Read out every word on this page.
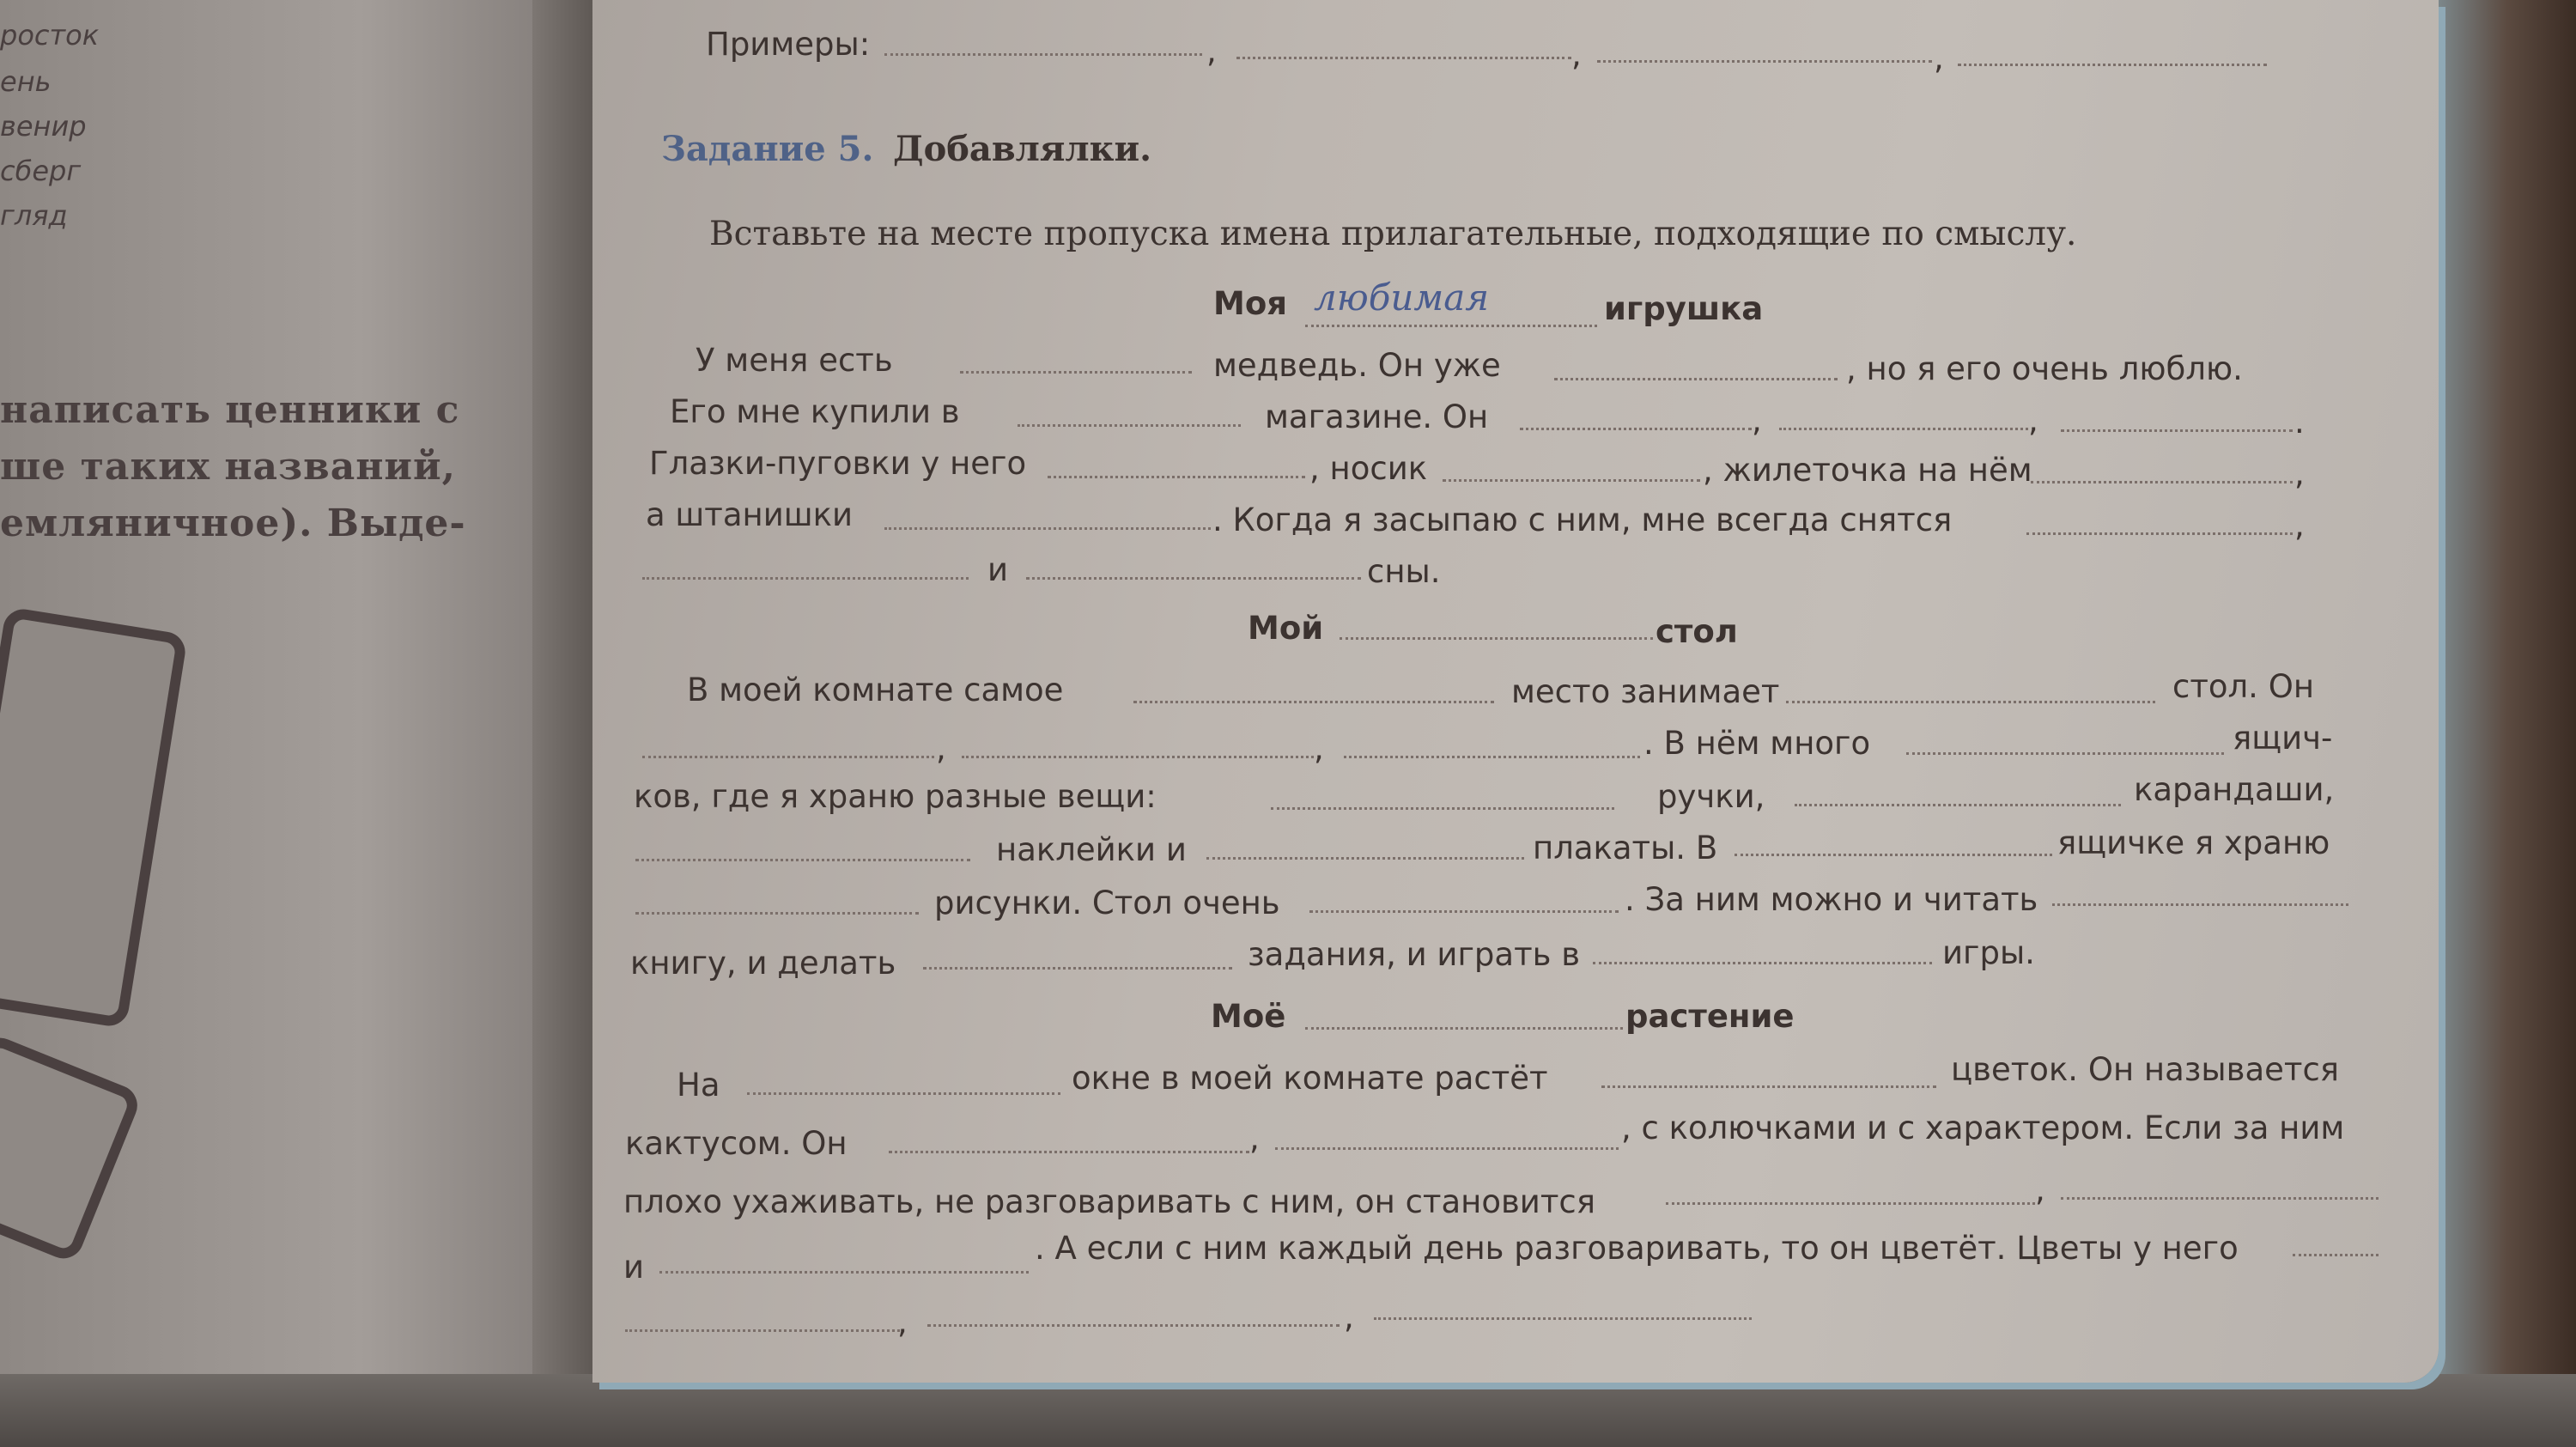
росток
ень
венир
сберг
гляд
написать ценники с
ше таких названий,
емляничное). Выде-
Примеры:	,	,	,
Задание 5. Добавлялки.
Вставьте на месте пропуска имена прилагательные, подходящие по смыслу.
Моя любимая	игрушка
У меня есть	медведь. Он уже	, но я его очень люблю.
Его мне купили в	магазине. Он	,	,	.
Глазки-пуговки у него	, носик	, жилеточка на нём	,
а штанишки	. Когда я засыпаю с ним, мне всегда снятся	,
и	сны.
Мой	стол
В моей комнате самое	место занимает	стол. Он
,	,	. В нём много	ящич-
ков, где я храню разные вещи:	ручки,	карандаши,
наклейки и	плакаты. В	ящичке я храню
рисунки. Стол очень	. За ним можно и читать
книгу, и делать	задания, и играть в	игры.
Моё	растение
На	окне в моей комнате растёт	цветок. Он называется
кактусом. Он	,	, с колючками и с характером. Если за ним
плохо ухаживать, не разговаривать с ним, он становится	,
и
. А если с ним каждый день разговаривать, то он цветёт. Цветы у него
,	,
